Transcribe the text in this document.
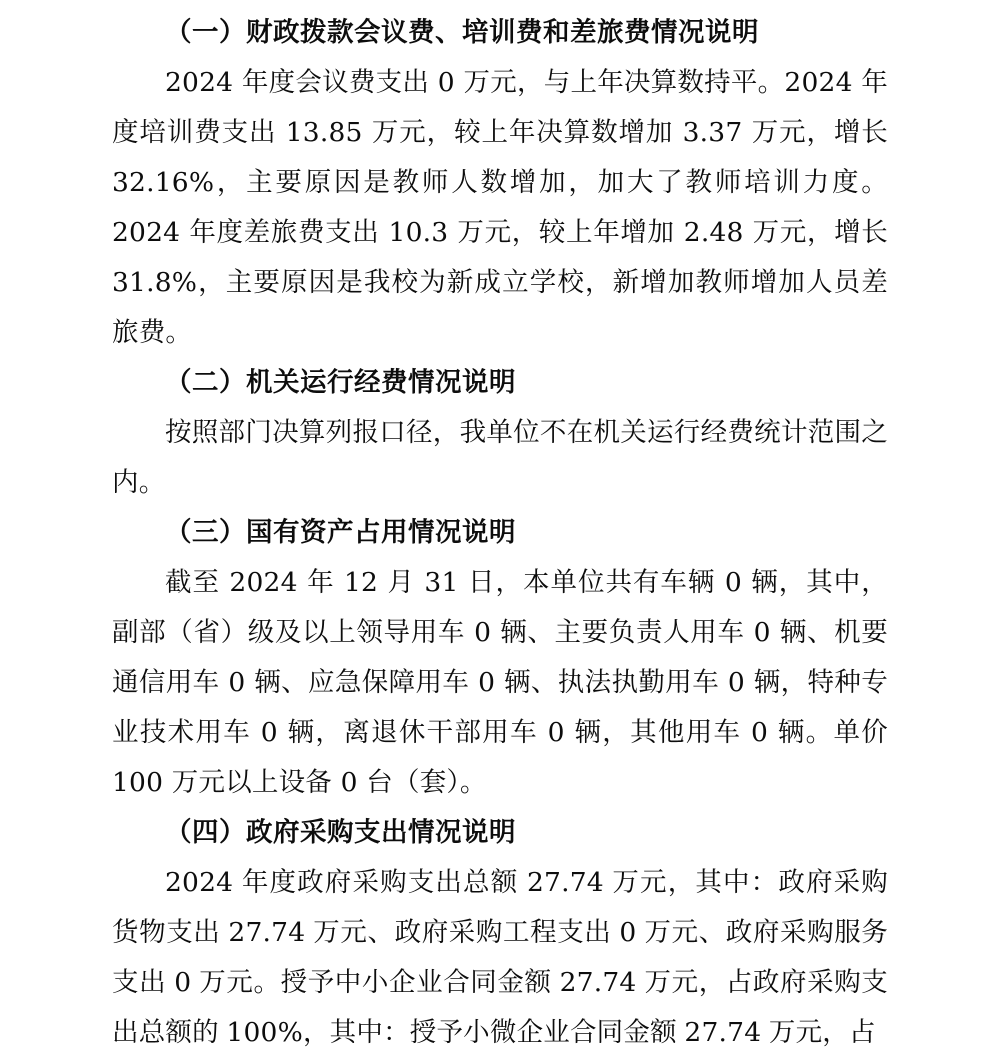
（一）财政拨款会议费、培训费和差旅费情况说明

2024 年度会议费支出 0 万元，与上年决算数持平。2024 年度培训费支出 13.85 万元，较上年决算数增加 3.37 万元，增长 32.16%，主要原因是教师人数增加，加大了教师培训力度。2024 年度差旅费支出 10.3 万元，较上年增加 2.48 万元，增长 31.8%，主要原因是我校为新成立学校，新增加教师增加人员差旅费。

（二）机关运行经费情况说明

按照部门决算列报口径，我单位不在机关运行经费统计范围之内。

（三）国有资产占用情况说明

截至 2024 年 12 月 31 日，本单位共有车辆 0 辆，其中，副部（省）级及以上领导用车 0 辆、主要负责人用车 0 辆、机要通信用车 0 辆、应急保障用车 0 辆、执法执勤用车 0 辆，特种专业技术用车 0 辆，离退休干部用车 0 辆，其他用车 0 辆。单价 100 万元以上设备 0 台（套）。

（四）政府采购支出情况说明

2024 年度政府采购支出总额 27.74 万元，其中：政府采购货物支出 27.74 万元、政府采购工程支出 0 万元、政府采购服务支出 0 万元。授予中小企业合同金额 27.74 万元，占政府采购支出总额的 100%，其中：授予小微企业合同金额 27.74 万元，占
